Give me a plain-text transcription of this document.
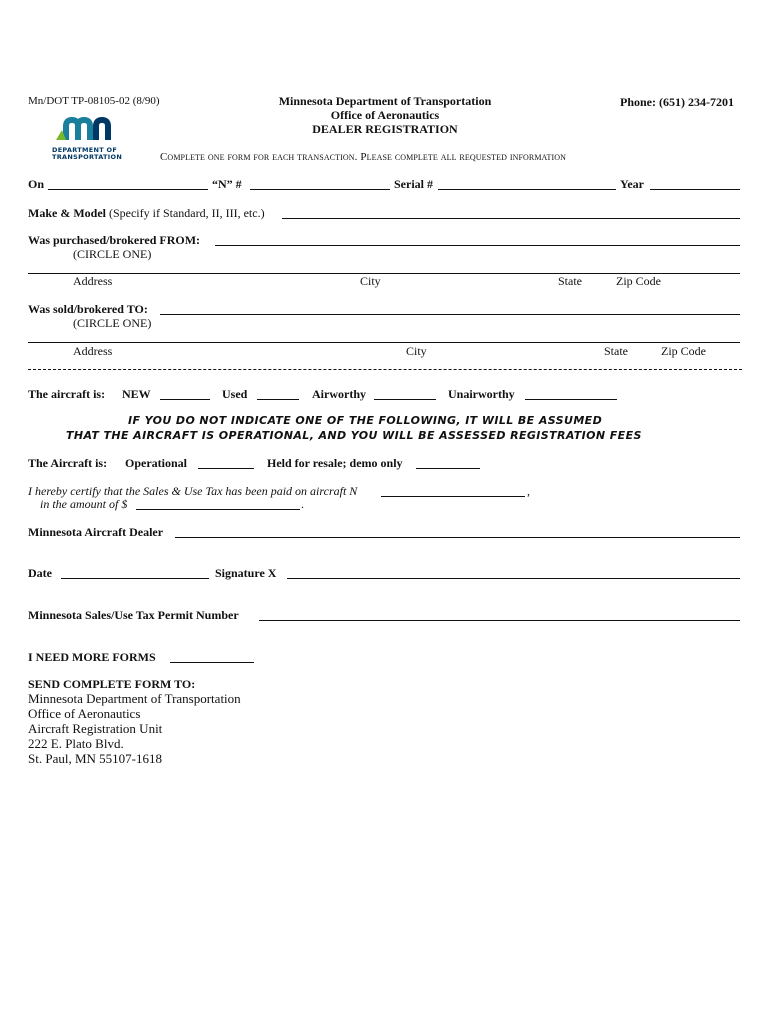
Mn/DOT TP-08105-02 (8/90)	Minnesota Department of Transportation
Office of Aeronautics
DEALER REGISTRATION
Phone: (651) 234-7201
DEPARTMENT OF
TRANSPORTATION	Complete one form for each transaction. Please complete all requested information
On	“N” #	Serial #	Year
Make & Model (Specify if Standard, II, III, etc.)
Was purchased/brokered FROM:
(CIRCLE ONE)
Address	City	State	Zip Code
Was sold/brokered TO:
(CIRCLE ONE)
Address	City	State	Zip Code
The aircraft is: NEW	Used	Airworthy	Unairworthy
IF YOU DO NOT INDICATE ONE OF THE FOLLOWING, IT WILL BE ASSUMED
THAT THE AIRCRAFT IS OPERATIONAL, AND YOU WILL BE ASSESSED REGISTRATION FEES
The Aircraft is: Operational	Held for resale; demo only
I hereby certify that the Sales & Use Tax has been paid on aircraft N	,
in the amount of $	.
Minnesota Aircraft Dealer
Date	Signature X
Minnesota Sales/Use Tax Permit Number
I NEED MORE FORMS
SEND COMPLETE FORM TO:
Minnesota Department of Transportation
Office of Aeronautics
Aircraft Registration Unit
222 E. Plato Blvd.
St. Paul, MN 55107-1618
